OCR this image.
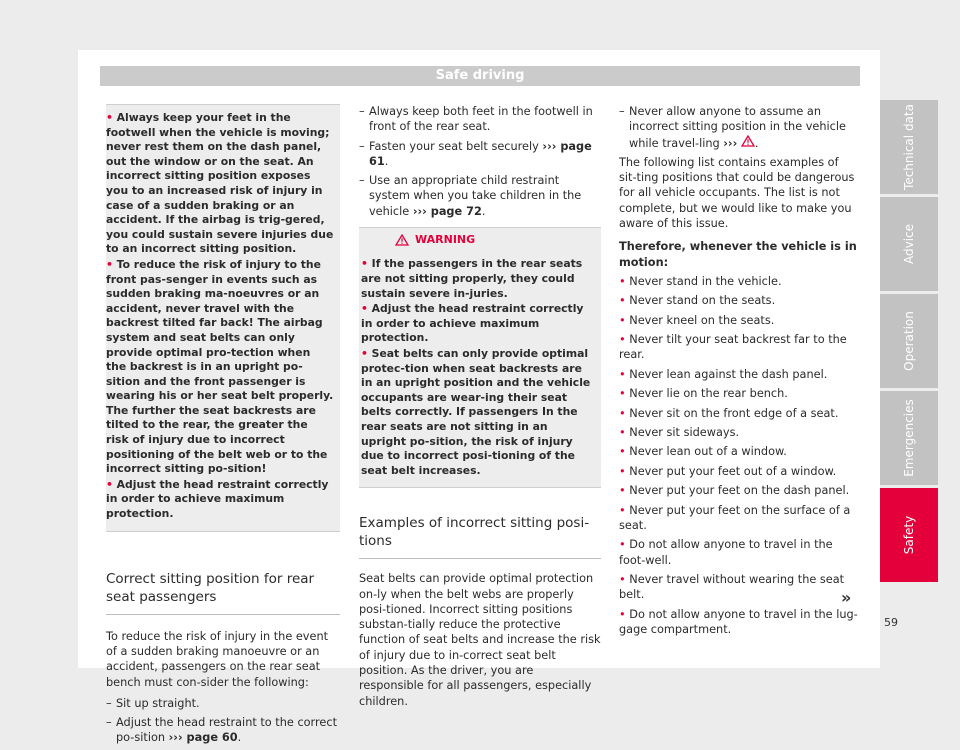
Safe driving
• Always keep your feet in the footwell when the vehicle is moving; never rest them on the dash panel, out the window or on the seat. An incorrect sitting position exposes you to an increased risk of injury in case of a sudden braking or an accident. If the airbag is trig-gered, you could sustain severe injuries due to an incorrect sitting position.
• To reduce the risk of injury to the front pas-senger in events such as sudden braking ma-noeuvres or an accident, never travel with the backrest tilted far back! The airbag system and seat belts can only provide optimal pro-tection when the backrest is in an upright po-sition and the front passenger is wearing his or her seat belt properly. The further the seat backrests are tilted to the rear, the greater the risk of injury due to incorrect positioning of the belt web or to the incorrect sitting po-sition!
• Adjust the head restraint correctly in order to achieve maximum protection.
Correct sitting position for rear seat passengers

To reduce the risk of injury in the event of a sudden braking manoeuvre or an accident, passengers on the rear seat bench must con-sider the following:

– Sit up straight.
– Adjust the head restraint to the correct po-sition ››› page 60.
– Always keep both feet in the footwell in front of the rear seat.
– Fasten your seat belt securely ››› page 61.
– Use an appropriate child restraint system when you take children in the vehicle ››› page 72.
WARNING
• If the passengers in the rear seats are not sitting properly, they could sustain severe in-juries.
• Adjust the head restraint correctly in order to achieve maximum protection.
• Seat belts can only provide optimal protec-tion when seat backrests are in an upright position and the vehicle occupants are wear-ing their seat belts correctly. If passengers In the rear seats are not sitting in an upright po-sition, the risk of injury due to incorrect posi-tioning of the seat belt increases.
Examples of incorrect sitting posi-tions

Seat belts can provide optimal protection on-ly when the belt webs are properly posi-tioned. Incorrect sitting positions substan-tially reduce the protective function of seat belts and increase the risk of injury due to in-correct seat belt position. As the driver, you are responsible for all passengers, especially children.

– Never allow anyone to assume an incorrect sitting position in the vehicle while travel-ling ››› .

The following list contains examples of sit-ting positions that could be dangerous for all vehicle occupants. The list is not complete, but we would like to make you aware of this issue.

Therefore, whenever the vehicle is in motion:

• Never stand in the vehicle.
• Never stand on the seats.
• Never kneel on the seats.
• Never tilt your seat backrest far to the rear.
• Never lean against the dash panel.
• Never lie on the rear bench.
• Never sit on the front edge of a seat.
• Never sit sideways.
• Never lean out of a window.
• Never put your feet out of a window.
• Never put your feet on the dash panel.
• Never put your feet on the surface of a seat.
• Do not allow anyone to travel in the foot-well.
• Never travel without wearing the seat belt.
• Do not allow anyone to travel in the lug-gage compartment.
»
Technical data
Advice
Operation
Emergencies
Safety
59
